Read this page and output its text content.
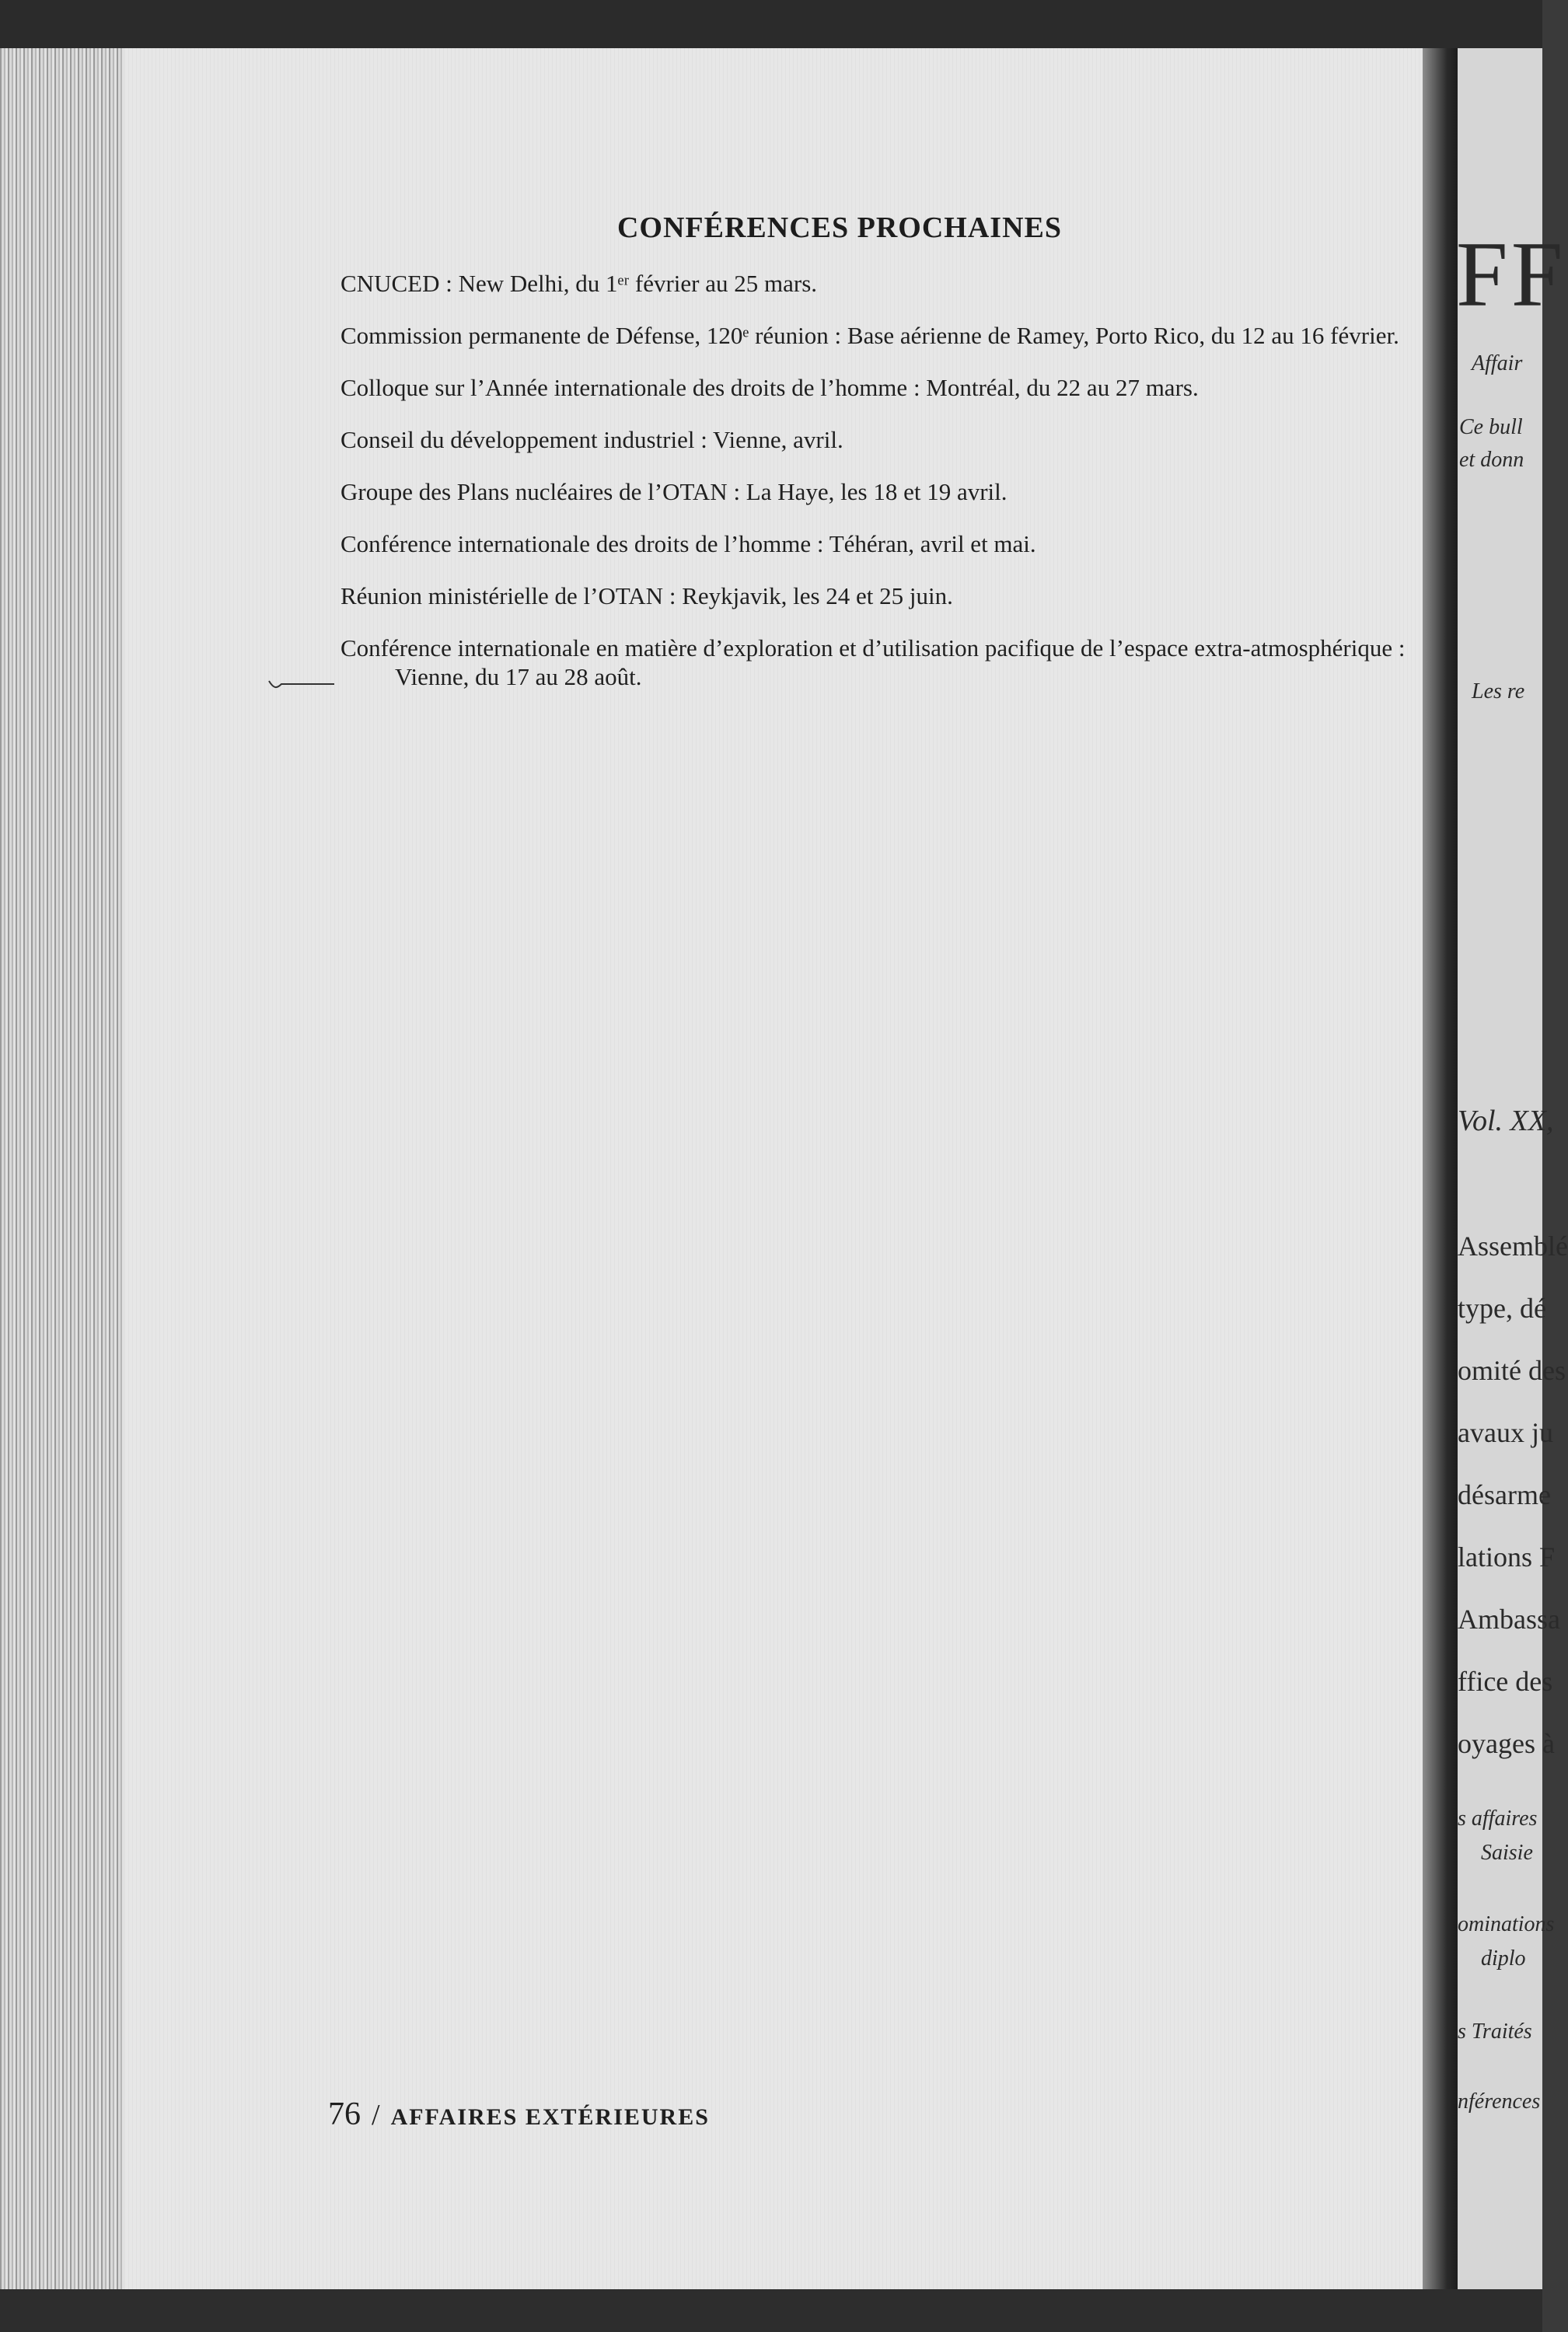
CONFÉRENCES PROCHAINES
CNUCED : New Delhi, du 1ᵉʳ février au 25 mars.
Commission permanente de Défense, 120ᵉ réunion : Base aérienne de Ramey, Porto Rico, du 12 au 16 février.
Colloque sur l’Année internationale des droits de l’homme : Montréal, du 22 au 27 mars.
Conseil du développement industriel : Vienne, avril.
Groupe des Plans nucléaires de l’OTAN : La Haye, les 18 et 19 avril.
Conférence internationale des droits de l’homme : Téhéran, avril et mai.
Réunion ministérielle de l’OTAN : Reykjavik, les 24 et 25 juin.
Conférence internationale en matière d’exploration et d’utilisation pacifique de l’espace extra-atmosphérique : Vienne, du 17 au 28 août.
76 / AFFAIRES EXTÉRIEURES
FF
Affair
Ce bull
et donn
Les re
Vol. XX,
Assemblé
type, dé
omité des
avaux ju
désarme
lations F
Ambassa
ffice des
oyages à
s affaires
Saisie
ominations
diplo
s Traités
nférences
